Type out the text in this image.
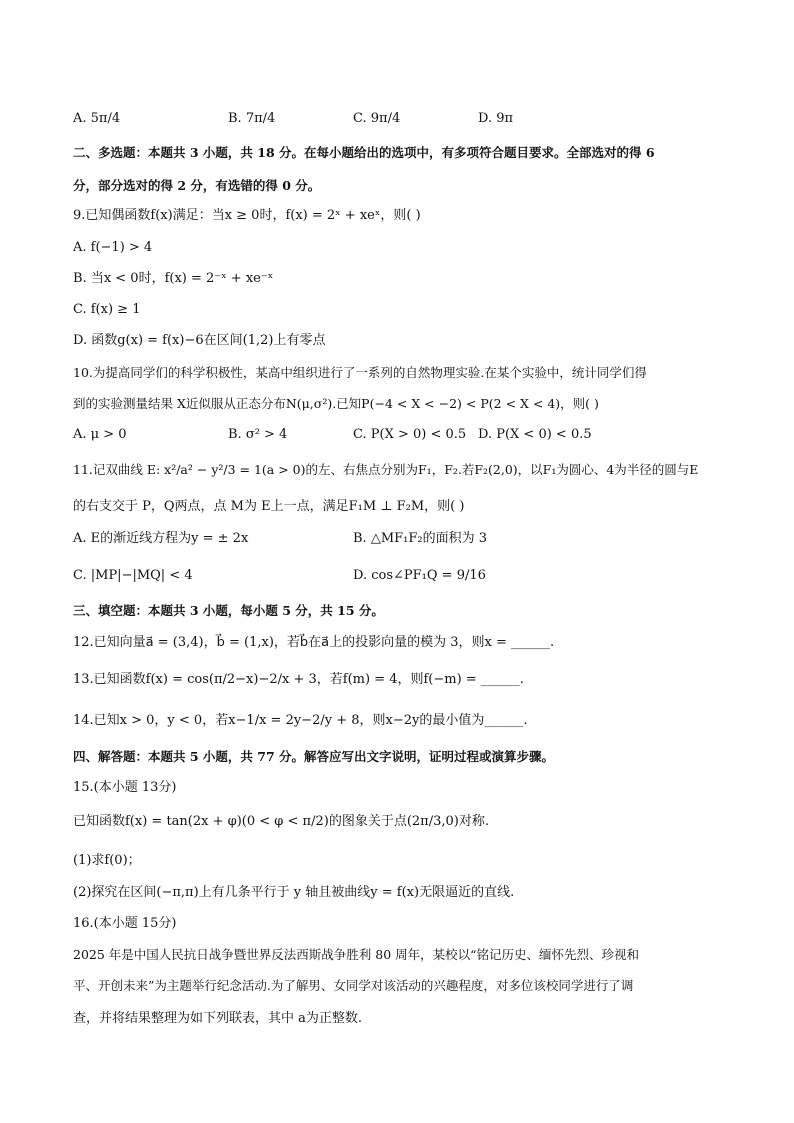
A. 5π/4	B. 7π/4	C. 9π/4	D. 9π
二、多选题：本题共 3 小题，共 18 分。在每小题给出的选项中，有多项符合题目要求。全部选对的得 6
分，部分选对的得 2 分，有选错的得 0 分。
9.已知偶函数f(x)满足：当x ≥ 0时，f(x) = 2ˣ + xeˣ，则( )
A. f(−1) > 4
B. 当x < 0时，f(x) = 2⁻ˣ + xe⁻ˣ
C. f(x) ≥ 1
D. 函数g(x) = f(x)−6在区间(1,2)上有零点
10.为提高同学们的科学积极性，某高中组织进行了一系列的自然物理实验.在某个实验中，统计同学们得
到的实验测量结果 X近似服从正态分布N(μ,σ²).已知P(−4 < X < −2) < P(2 < X < 4)，则( )
A. μ > 0	B. σ² > 4	C. P(X > 0) < 0.5 D. P(X < 0) < 0.5
11.记双曲线 E: x²/a² − y²/3 = 1(a > 0)的左、右焦点分别为F₁，F₂.若F₂(2,0)，以F₁为圆心、4为半径的圆与E
的右支交于 P，Q两点，点 M为 E上一点，满足F₁M ⊥ F₂M，则( )
A. E的渐近线方程为y = ± 2x	B. △MF₁F₂的面积为 3
C. |MP|−|MQ| < 4	D. cos∠PF₁Q = 9/16
三、填空题：本题共 3 小题，每小题 5 分，共 15 分。
12.已知向量a⃗ = (3,4)，b⃗ = (1,x)，若b⃗在a⃗上的投影向量的模为 3，则x = ______.
13.已知函数f(x) = cos(π/2−x)−2/x + 3，若f(m) = 4，则f(−m) = ______.
14.已知x > 0，y < 0，若x−1/x = 2y−2/y + 8，则x−2y的最小值为______.
四、解答题：本题共 5 小题，共 77 分。解答应写出文字说明，证明过程或演算步骤。
15.(本小题 13分)
已知函数f(x) = tan(2x + φ)(0 < φ < π/2)的图象关于点(2π/3,0)对称.
(1)求f(0)；
(2)探究在区间(−π,π)上有几条平行于 y 轴且被曲线y = f(x)无限逼近的直线.
16.(本小题 15分)
2025 年是中国人民抗日战争暨世界反法西斯战争胜利 80 周年，某校以“铭记历史、缅怀先烈、珍视和
平、开创未来”为主题举行纪念活动.为了解男、女同学对该活动的兴趣程度，对多位该校同学进行了调
查，并将结果整理为如下列联表，其中 a为正整数.
